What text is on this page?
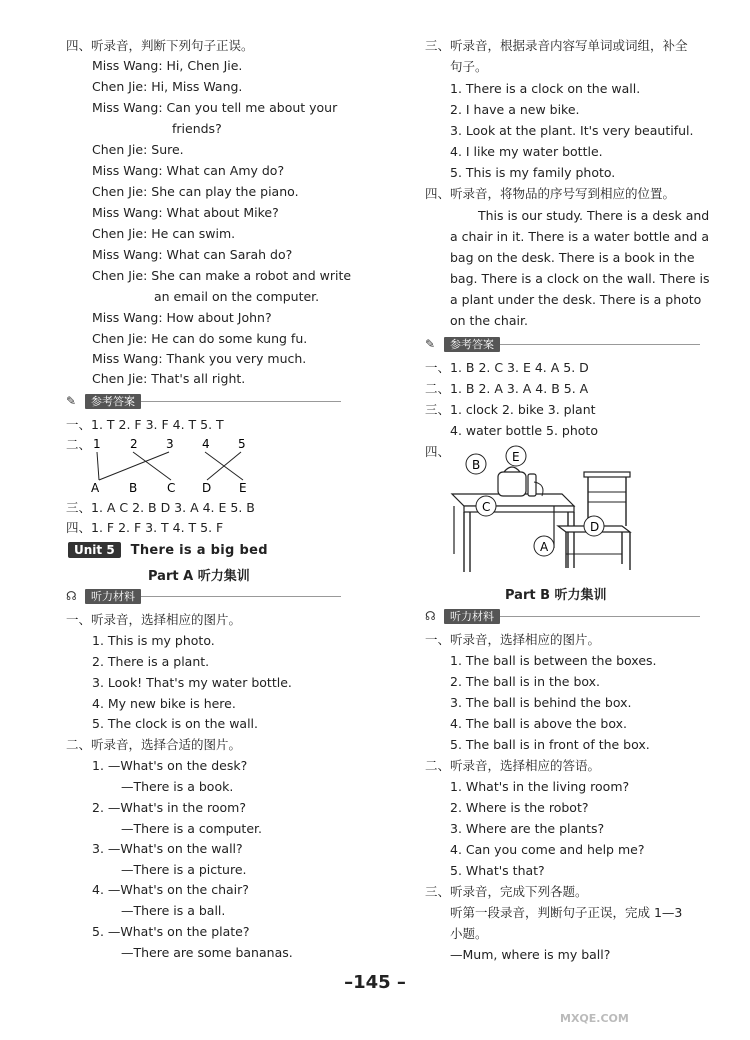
四、听录音，判断下列句子正误。
Miss Wang: Hi, Chen Jie.
Chen Jie: Hi, Miss Wang.
Miss Wang: Can you tell me about your
friends?
Chen Jie: Sure.
Miss Wang: What can Amy do?
Chen Jie: She can play the piano.
Miss Wang: What about Mike?
Chen Jie: He can swim.
Miss Wang: What can Sarah do?
Chen Jie: She can make a robot and write
an email on the computer.
Miss Wang: How about John?
Chen Jie: He can do some kung fu.
Miss Wang: Thank you very much.
Chen Jie: That's all right.
✎	参考答案
一、1. T 2. F 3. F 4. T 5. T
二、 1 2 3 4 5
A B C D E
三、1. A C 2. B D 3. A 4. E 5. B
四、1. F 2. F 3. T 4. T 5. F
Unit 5	There is a big bed
Part A 听力集训
☊	听力材料
一、听录音，选择相应的图片。
1. This is my photo.
2. There is a plant.
3. Look! That's my water bottle.
4. My new bike is here.
5. The clock is on the wall.
二、听录音，选择合适的图片。
1. —What's on the desk?
—There is a book.
2. —What's in the room?
—There is a computer.
3. —What's on the wall?
—There is a picture.
4. —What's on the chair?
—There is a ball.
5. —What's on the plate?
—There are some bananas.
三、听录音，根据录音内容写单词或词组，补全
句子。
1. There is a clock on the wall.
2. I have a new bike.
3. Look at the plant. It's very beautiful.
4. I like my water bottle.
5. This is my family photo.
四、听录音，将物品的序号写到相应的位置。
This is our study. There is a desk and
a chair in it. There is a water bottle and a
bag on the desk. There is a book in the
bag. There is a clock on the wall. There is
a plant under the desk. There is a photo
on the chair.
✎	参考答案
一、1. B 2. C 3. E 4. A 5. D
二、1. B 2. A 3. A 4. B 5. A
三、1. clock 2. bike 3. plant
4. water bottle 5. photo
四、
B
E
C
D
A
Part B 听力集训
☊	听力材料
一、听录音，选择相应的图片。
1. The ball is between the boxes.
2. The ball is in the box.
3. The ball is behind the box.
4. The ball is above the box.
5. The ball is in front of the box.
二、听录音，选择相应的答语。
1. What's in the living room?
2. Where is the robot?
3. Where are the plants?
4. Can you come and help me?
5. What's that?
三、听录音，完成下列各题。
听第一段录音，判断句子正误，完成 1—3
小题。
—Mum, where is my ball?
–145 –
MXQE.COM
